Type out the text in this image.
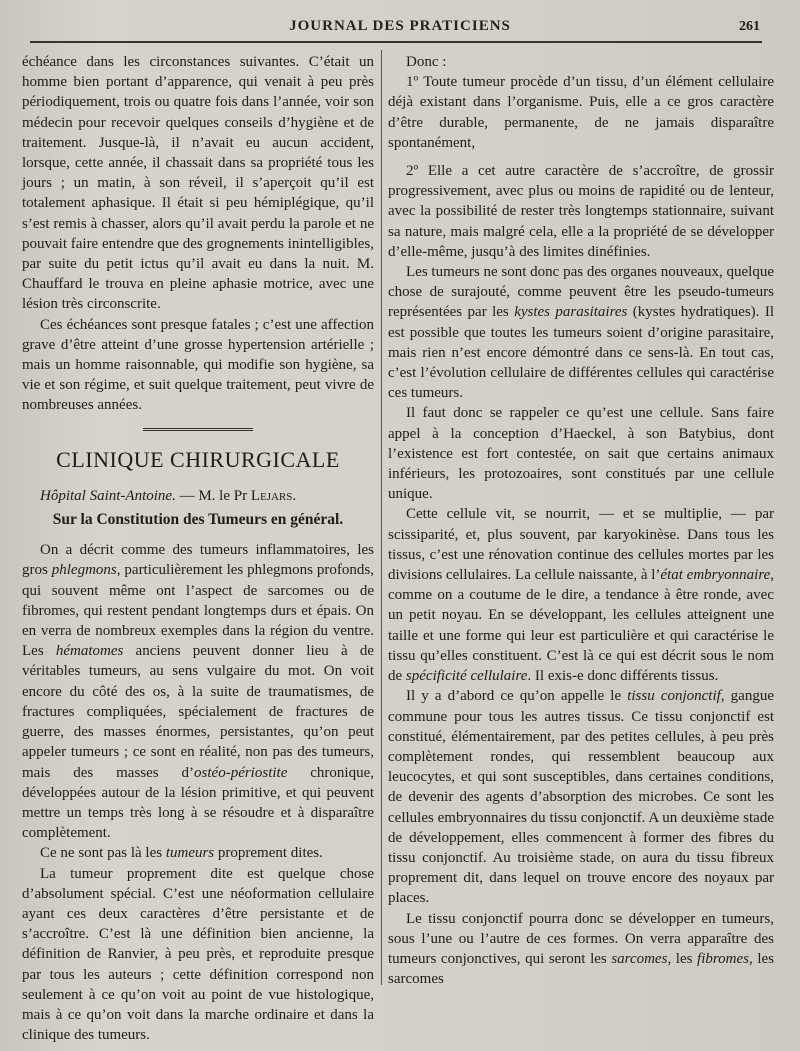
JOURNAL DES PRATICIENS	261

échéance dans les circonstances suivantes. C’était un homme bien portant d’apparence, qui venait à peu près périodiquement, trois ou quatre fois dans l’année, voir son médecin pour recevoir quelques conseils d’hygiène et de traitement. Jusque-là, il n’avait eu aucun accident, lorsque, cette année, il chassait dans sa propriété tous les jours ; un matin, à son réveil, il s’aperçoit qu’il est totalement aphasique. Il était si peu hémiplégique, qu’il s’est remis à chasser, alors qu’il avait perdu la parole et ne pouvait faire entendre que des grognements inintelligibles, par suite du petit ictus qu’il avait eu dans la nuit. M. Chauffard le trouva en pleine aphasie motrice, avec une lésion très circonscrite.

Ces échéances sont presque fatales ; c’est une affection grave d’être atteint d’une grosse hypertension artérielle ; mais un homme raisonnable, qui modifie son hygiène, sa vie et son régime, et suit quelque traitement, peut vivre de nombreuses années.

CLINIQUE CHIRURGICALE

Hôpital Saint-Antoine. — M. le Pr Lejars.

Sur la Constitution des Tumeurs en général.

On a décrit comme des tumeurs inflammatoires, les gros phlegmons, particulièrement les phlegmons profonds, qui souvent même ont l’aspect de sarcomes ou de fibromes, qui restent pendant longtemps durs et épais. On en verra de nombreux exemples dans la région du ventre. Les hématomes anciens peuvent donner lieu à de véritables tumeurs, au sens vulgaire du mot. On voit encore du côté des os, à la suite de traumatismes, de fractures compliquées, spécialement de fractures de guerre, des masses énormes, persistantes, qu’on peut appeler tumeurs ; ce sont en réalité, non pas des tumeurs, mais des masses d’ostéo-périostite chronique, développées autour de la lésion primitive, et qui peuvent mettre un temps très long à se résoudre et à disparaître complètement.

Ce ne sont pas là les tumeurs proprement dites.

La tumeur proprement dite est quelque chose d’absolument spécial. C’est une néoformation cellulaire ayant ces deux caractères d’être persistante et de s’accroître. C’est là une définition bien ancienne, la définition de Ranvier, à peu près, et reproduite presque par tous les auteurs ; cette définition correspond non seulement à ce qu’on voit au point de vue histologique, mais à ce qu’on voit dans la marche ordinaire et dans la clinique des tumeurs.

Donc :

1º Toute tumeur procède d’un tissu, d’un élément cellulaire déjà existant dans l’organisme. Puis, elle a ce gros caractère d’être durable, permanente, de ne jamais disparaître spontanément,

2º Elle a cet autre caractère de s’accroître, de grossir progressivement, avec plus ou moins de rapidité ou de lenteur, avec la possibilité de rester très longtemps stationnaire, suivant sa nature, mais malgré cela, elle a la propriété de se développer d’elle-même, jusqu’à des limites dinéfinies.

Les tumeurs ne sont donc pas des organes nouveaux, quelque chose de surajouté, comme peuvent être les pseudo-tumeurs représentées par les kystes parasitaires (kystes hydratiques). Il est possible que toutes les tumeurs soient d’origine parasitaire, mais rien n’est encore démontré dans ce sens-là. En tout cas, c’est l’évolution cellulaire de différentes cellules qui caractérise ces tumeurs.

Il faut donc se rappeler ce qu’est une cellule. Sans faire appel à la conception d’Haeckel, à son Batybius, dont l’existence est fort contestée, on sait que certains animaux inférieurs, les protozoaires, sont constitués par une cellule unique.

Cette cellule vit, se nourrit, — et se multiplie, — par scissiparité, et, plus souvent, par karyokinèse. Dans tous les tissus, c’est une rénovation continue des cellules mortes par les divisions cellulaires. La cellule naissante, à l’état embryonnaire, comme on a coutume de le dire, a tendance à être ronde, avec un petit noyau. En se développant, les cellules atteignent une taille et une forme qui leur est particulière et qui caractérise le tissu qu’elles constituent. C’est là ce qui est décrit sous le nom de spécificité cellulaire. Il exis‑e donc différents tissus.

Il y a d’abord ce qu’on appelle le tissu conjonctif, gangue commune pour tous les autres tissus. Ce tissu conjonctif est constitué, élémentairement, par des petites cellules, à peu près complètement rondes, qui ressemblent beaucoup aux leucocytes, et qui sont susceptibles, dans certaines conditions, de devenir des agents d’absorption des microbes. Ce sont les cellules embryonnaires du tissu conjonctif. A un deuxième stade de développement, elles commencent à former des fibres du tissu conjonctif. Au troisième stade, on aura du tissu fibreux proprement dit, dans lequel on trouve encore des noyaux par places.

Le tissu conjonctif pourra donc se développer en tumeurs, sous l’une ou l’autre de ces formes. On verra apparaître des tumeurs conjonctives, qui seront les sarcomes, les fibromes, les sarcomes
